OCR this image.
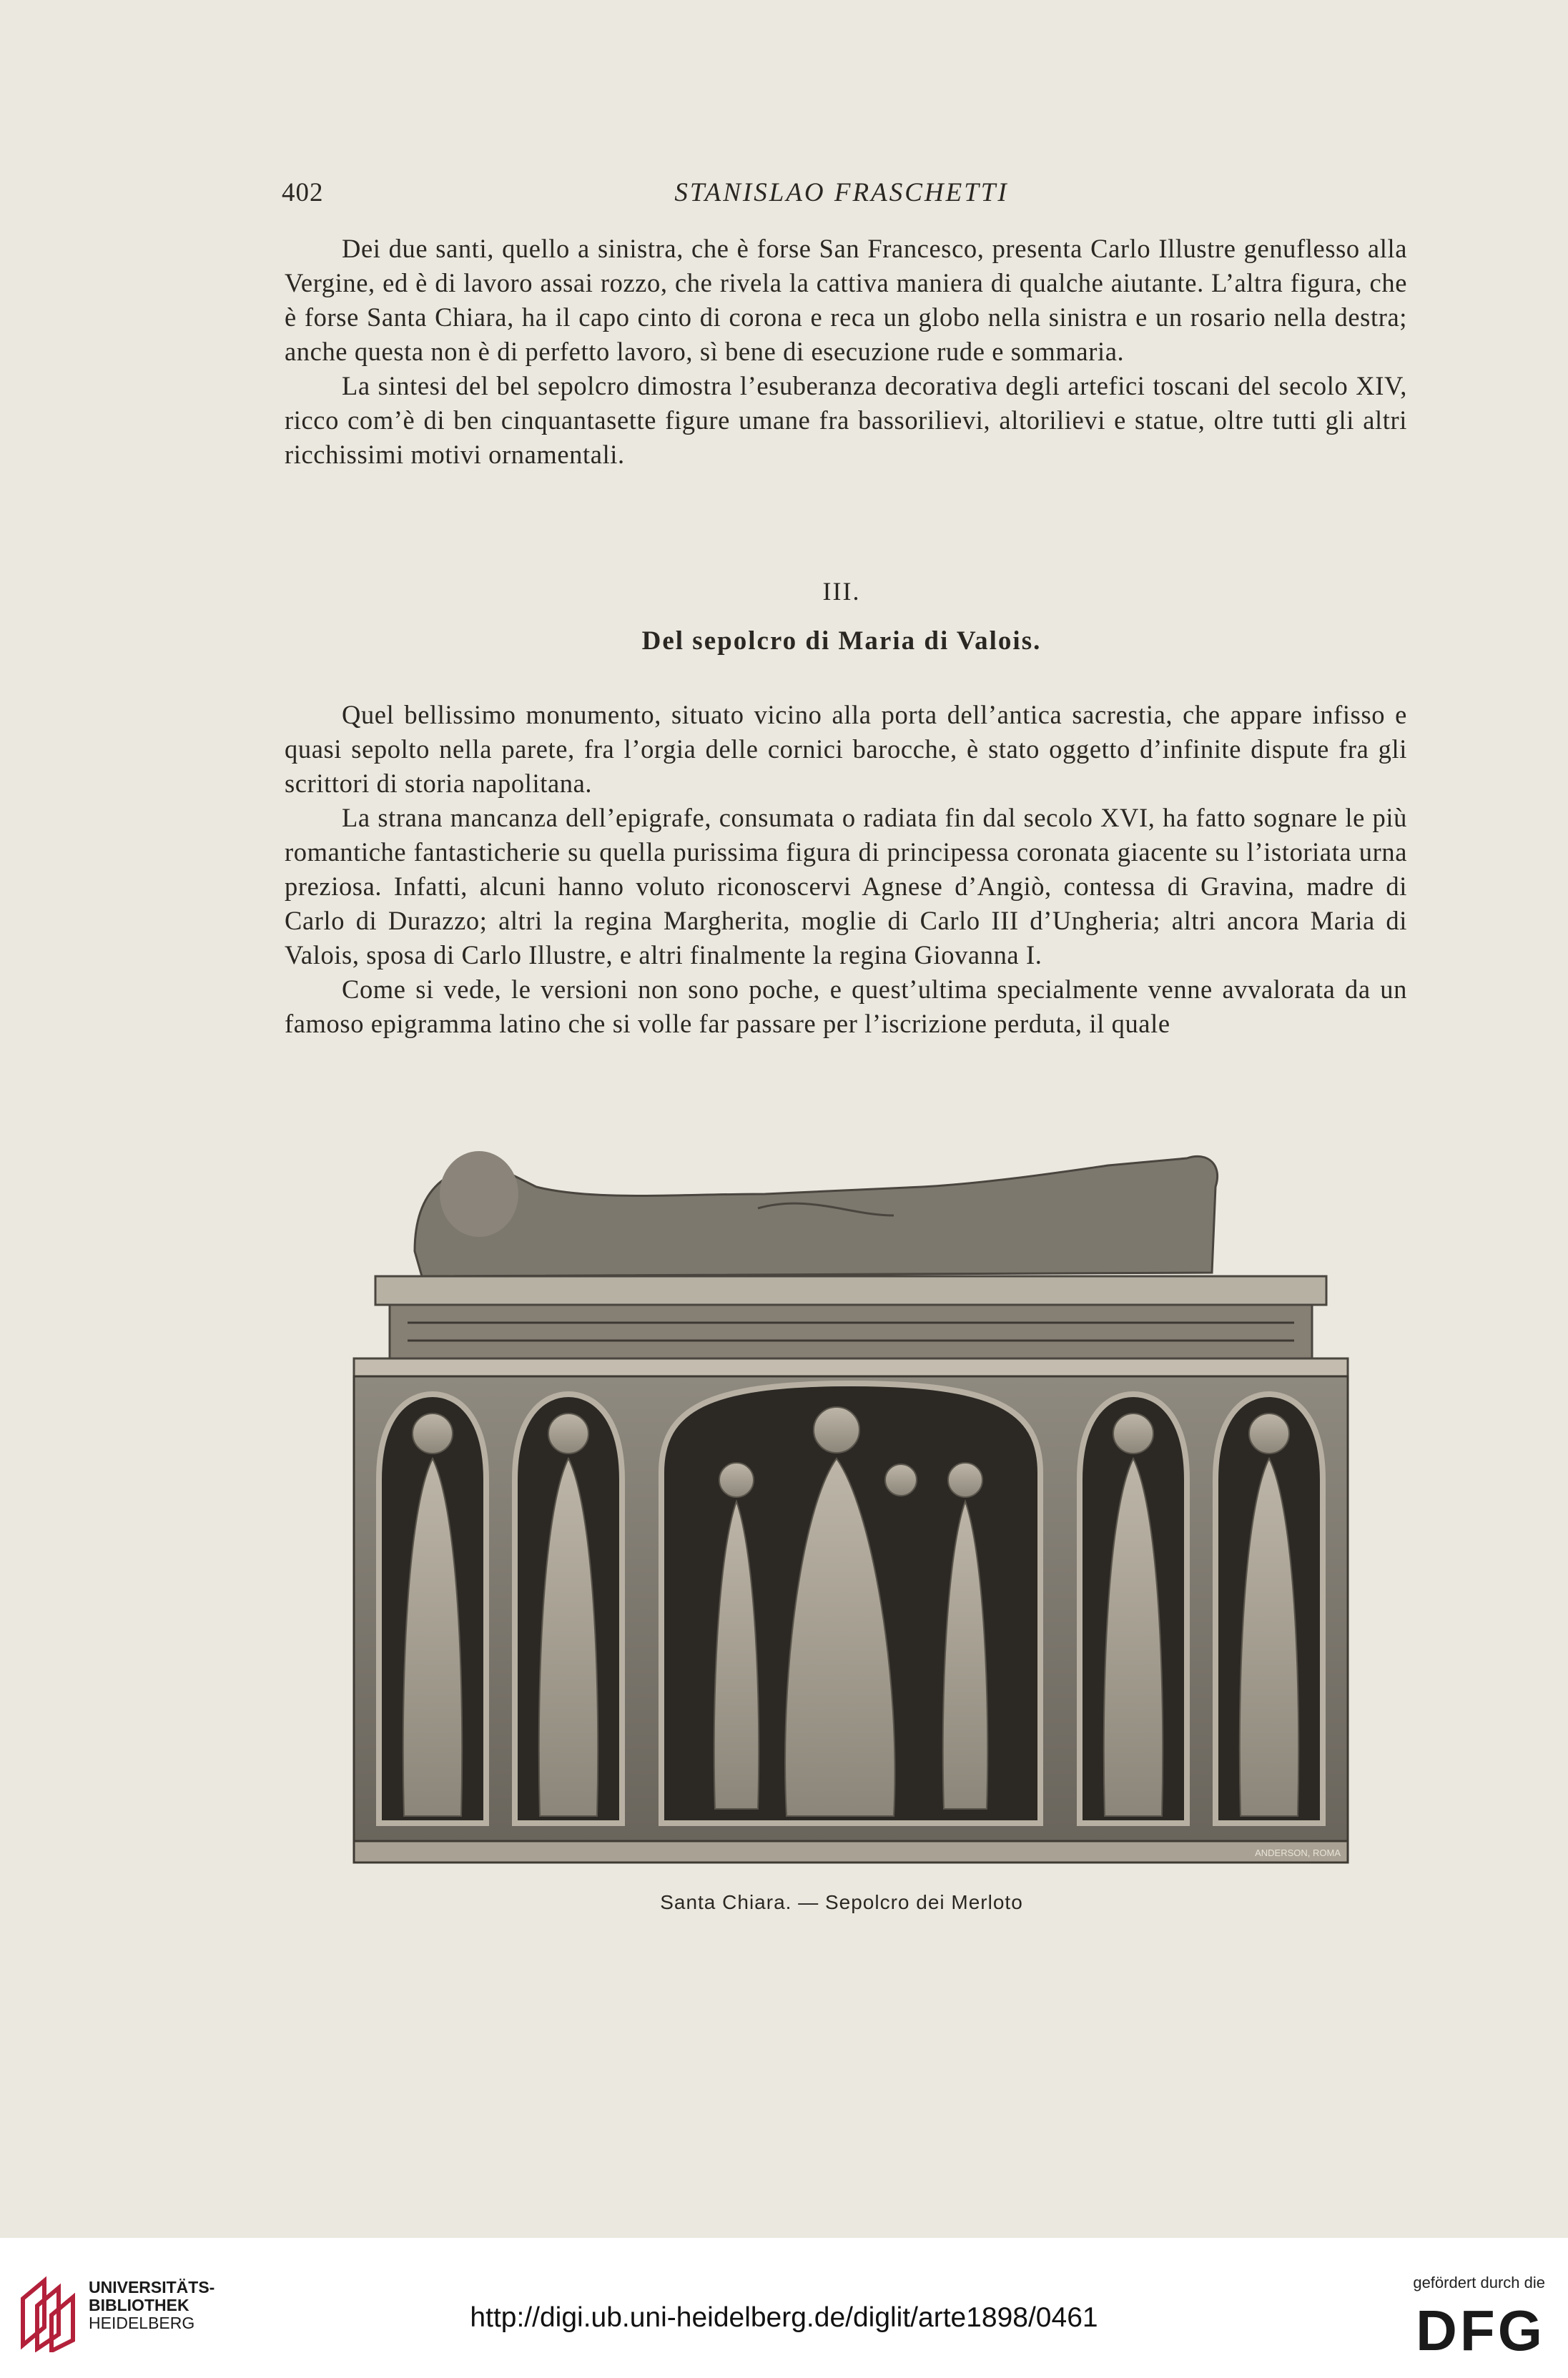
402	STANISLAO FRASCHETTI

Dei due santi, quello a sinistra, che è forse San Francesco, presenta Carlo Illustre genuflesso alla Vergine, ed è di lavoro assai rozzo, che rivela la cattiva maniera di qualche aiutante. L’altra figura, che è forse Santa Chiara, ha il capo cinto di corona e reca un globo nella sinistra e un rosario nella destra; anche questa non è di perfetto lavoro, sì bene di esecuzione rude e sommaria.

La sintesi del bel sepolcro dimostra l’esuberanza decorativa degli artefici toscani del secolo XIV, ricco com’è di ben cinquantasette figure umane fra bassorilievi, altorilievi e statue, oltre tutti gli altri ricchissimi motivi ornamentali.

III.
Del sepolcro di Maria di Valois.

Quel bellissimo monumento, situato vicino alla porta dell’antica sacrestia, che appare infisso e quasi sepolto nella parete, fra l’orgia delle cornici barocche, è stato oggetto d’infinite dispute fra gli scrittori di storia napolitana.

La strana mancanza dell’epigrafe, consumata o radiata fin dal secolo XVI, ha fatto sognare le più romantiche fantasticherie su quella purissima figura di principessa coronata giacente su l’istoriata urna preziosa. Infatti, alcuni hanno voluto riconoscervi Agnese d’Angiò, contessa di Gravina, madre di Carlo di Durazzo; altri la regina Margherita, moglie di Carlo III d’Ungheria; altri ancora Maria di Valois, sposa di Carlo Illustre, e altri finalmente la regina Giovanna I.

Come si vede, le versioni non sono poche, e quest’ultima specialmente venne avvalorata da un famoso epigramma latino che si volle far passare per l’iscrizione perduta, il quale

ANDERSON, ROMA
Santa Chiara. — Sepolcro dei Merloto
UNIVERSITÄTS-
BIBLIOTHEK
HEIDELBERG	http://digi.ub.uni-heidelberg.de/diglit/arte1898/0461
gefördert durch die
DFG
